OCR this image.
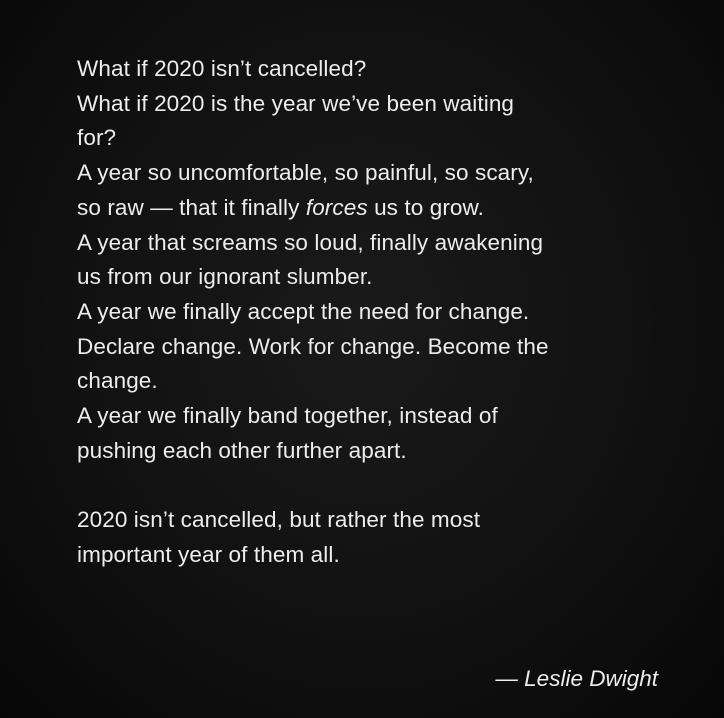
What if 2020 isn’t cancelled?
What if 2020 is the year we’ve been waiting
for?
A year so uncomfortable, so painful, so scary,
so raw — that it finally forces us to grow.
A year that screams so loud, finally awakening
us from our ignorant slumber.
A year we finally accept the need for change.
Declare change. Work for change. Become the
change.
A year we finally band together, instead of
pushing each other further apart.
2020 isn’t cancelled, but rather the most
important year of them all.
— Leslie Dwight
